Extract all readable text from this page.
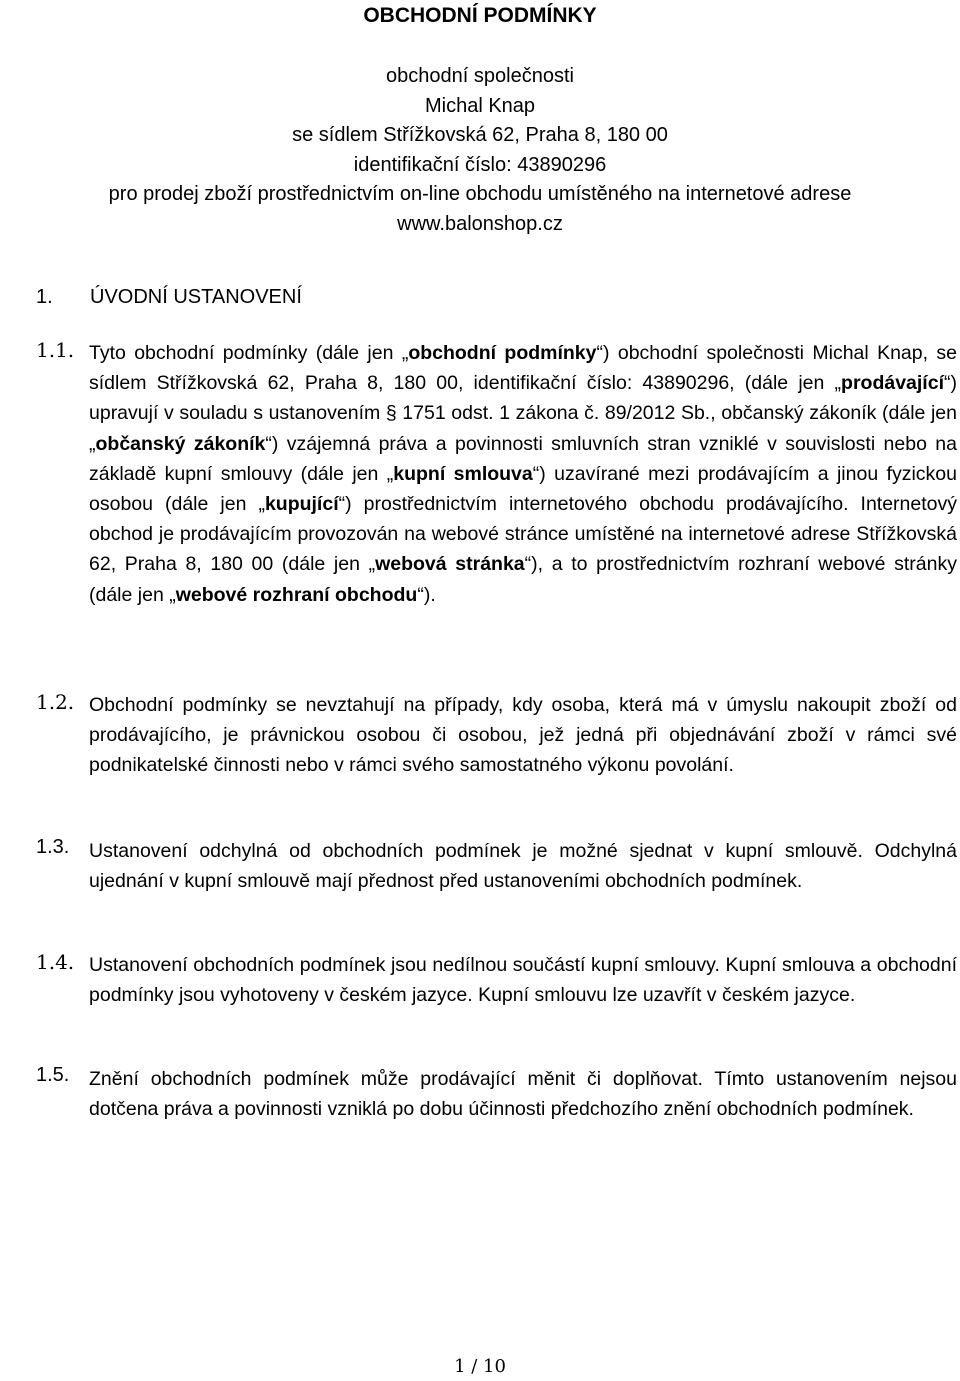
OBCHODNÍ PODMÍNKY
obchodní společnosti
Michal Knap
se sídlem Střížkovská 62, Praha 8, 180 00
identifikační číslo: 43890296
pro prodej zboží prostřednictvím on-line obchodu umístěného na internetové adrese
www.balonshop.cz
1. ÚVODNÍ USTANOVENÍ
1.1. Tyto obchodní podmínky (dále jen „obchodní podmínky“) obchodní společnosti Michal Knap, se sídlem Střížkovská 62, Praha 8, 180 00, identifikační číslo: 43890296, (dále jen „prodávající“) upravují v souladu s ustanovením § 1751 odst. 1 zákona č. 89/2012 Sb., občanský zákoník (dále jen „občanský zákoník“) vzájemná práva a povinnosti smluvních stran vzniklé v souvislosti nebo na základě kupní smlouvy (dále jen „kupní smlouva“) uzavírané mezi prodávajícím a jinou fyzickou osobou (dále jen „kupující“) prostřednictvím internetového obchodu prodávajícího. Internetový obchod je prodávajícím provozován na webové stránce umístěné na internetové adrese Střížkovská 62, Praha 8, 180 00 (dále jen „webová stránka“), a to prostřednictvím rozhraní webové stránky (dále jen „webové rozhraní obchodu“).
1.2. Obchodní podmínky se nevztahují na případy, kdy osoba, která má v úmyslu nakoupit zboží od prodávajícího, je právnickou osobou či osobou, jež jedná při objednávání zboží v rámci své podnikatelské činnosti nebo v rámci svého samostatného výkonu povolání.
1.3.	Ustanovení odchylná od obchodních podmínek je možné sjednat v kupní smlouvě. Odchylná ujednání v kupní smlouvě mají přednost před ustanoveními obchodních podmínek.
1.4. Ustanovení obchodních podmínek jsou nedílnou součástí kupní smlouvy. Kupní smlouva a obchodní podmínky jsou vyhotoveny v českém jazyce. Kupní smlouvu lze uzavřít v českém jazyce.
1.5.	Znění obchodních podmínek může prodávající měnit či doplňovat. Tímto ustanovením nejsou dotčena práva a povinnosti vzniklá po dobu účinnosti předchozího znění obchodních podmínek.
1 / 10
